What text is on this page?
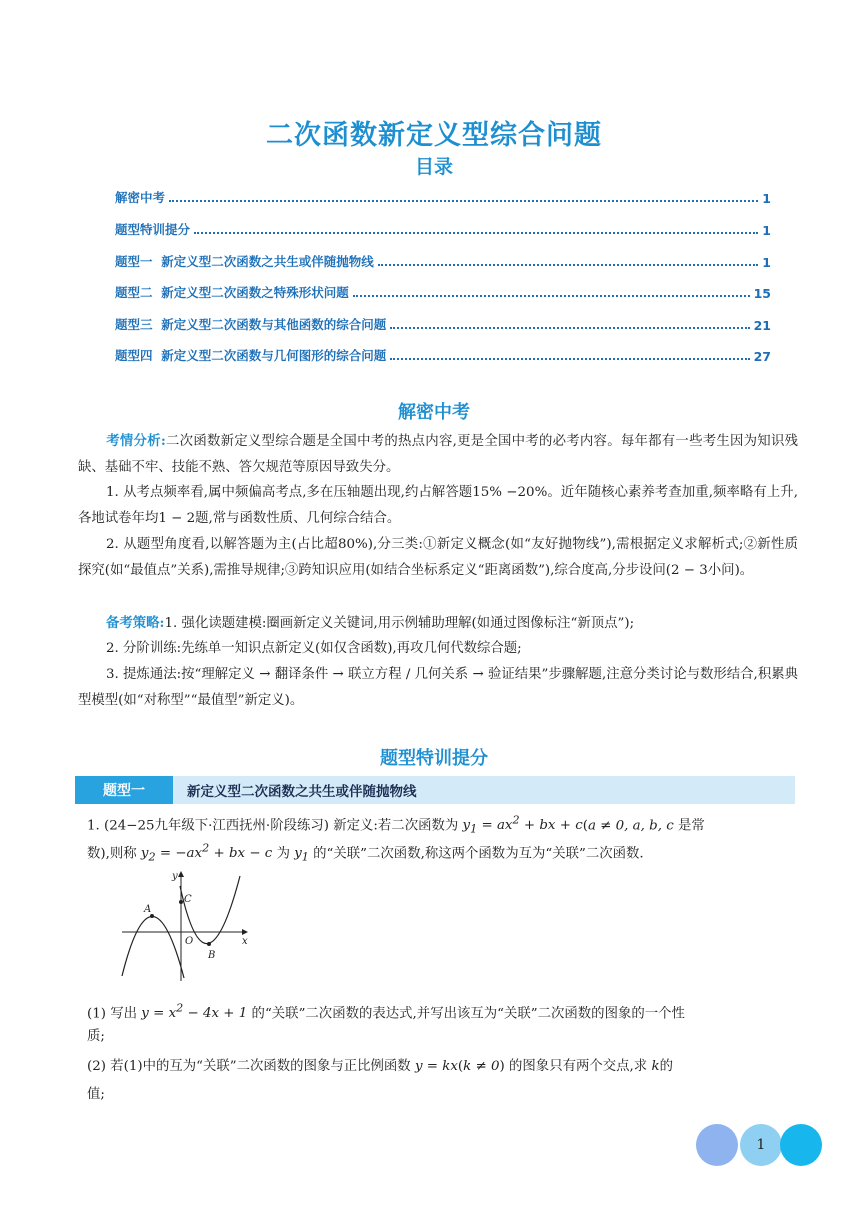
二次函数新定义型综合问题
目录
解密中考	1
题型特训提分	1
题型一  新定义型二次函数之共生或伴随抛物线	1
题型二  新定义型二次函数之特殊形状问题	15
题型三  新定义型二次函数与其他函数的综合问题	21
题型四  新定义型二次函数与几何图形的综合问题	27
解密中考
考情分析:二次函数新定义型综合题是全国中考的热点内容,更是全国中考的必考内容。每年都有一些考生因为知识残缺、基础不牢、技能不熟、答欠规范等原因导致失分。
1. 从考点频率看,属中频偏高考点,多在压轴题出现,约占解答题15% −20%。近年随核心素养考查加重,频率略有上升,各地试卷年均1 − 2题,常与函数性质、几何综合结合。
2. 从题型角度看,以解答题为主(占比超80%),分三类:①新定义概念(如“友好抛物线”),需根据定义求解析式;②新性质探究(如“最值点”关系),需推导规律;③跨知识应用(如结合坐标系定义“距离函数”),综合度高,分步设问(2 − 3小问)。
备考策略:1. 强化读题建模:圈画新定义关键词,用示例辅助理解(如通过图像标注“新顶点”);
2. 分阶训练:先练单一知识点新定义(如仅含函数),再攻几何代数综合题;
3. 提炼通法:按“理解定义 → 翻译条件 → 联立方程 / 几何关系 → 验证结果”步骤解题,注意分类讨论与数形结合,积累典型模型(如“对称型”“最值型”新定义)。
题型特训提分
题型一	新定义型二次函数之共生或伴随抛物线
1. (24−25九年级下·江西抚州·阶段练习) 新定义:若二次函数为 $y_1 = ax^2$ + bx + c(a ≠ 0, a, b, c 是常
数),则称 $y_2 = -ax^2$ + bx − c 为 $y_1$ 的“关联”二次函数,称这两个函数为互为“关联”二次函数.
y
x
A
B
C
O
(1) 写出 $y = x^2 - 4x + 1$ 的“关联”二次函数的表达式,并写出该互为“关联”二次函数的图象的一个性
质;
(2) 若(1)中的互为“关联”二次函数的图象与正比例函数 y = kx(k ≠ 0) 的图象只有两个交点,求 k的
值;
1
